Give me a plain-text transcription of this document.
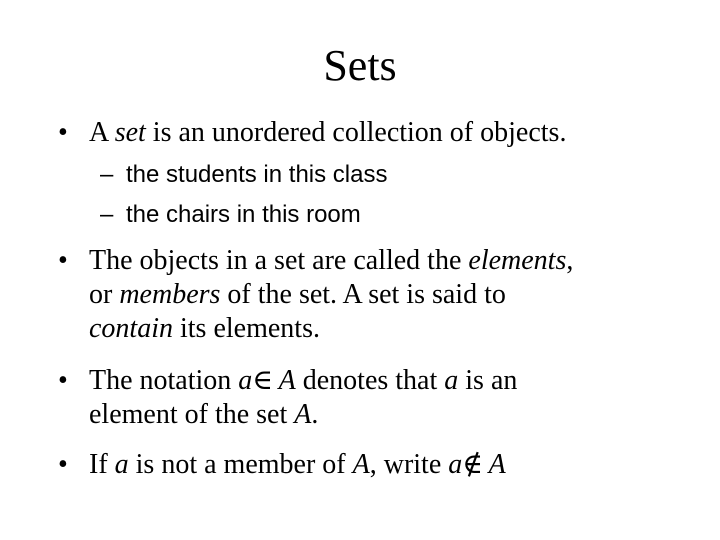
Sets
• A set is an unordered collection of objects.
– the students in this class
– the chairs in this room
• The objects in a set are called the elements,
or members of the set. A set is said to
contain its elements.
• The notation a∈  A denotes that a is an
element of the set A.
• If a is not a member of A, write a∉  A
